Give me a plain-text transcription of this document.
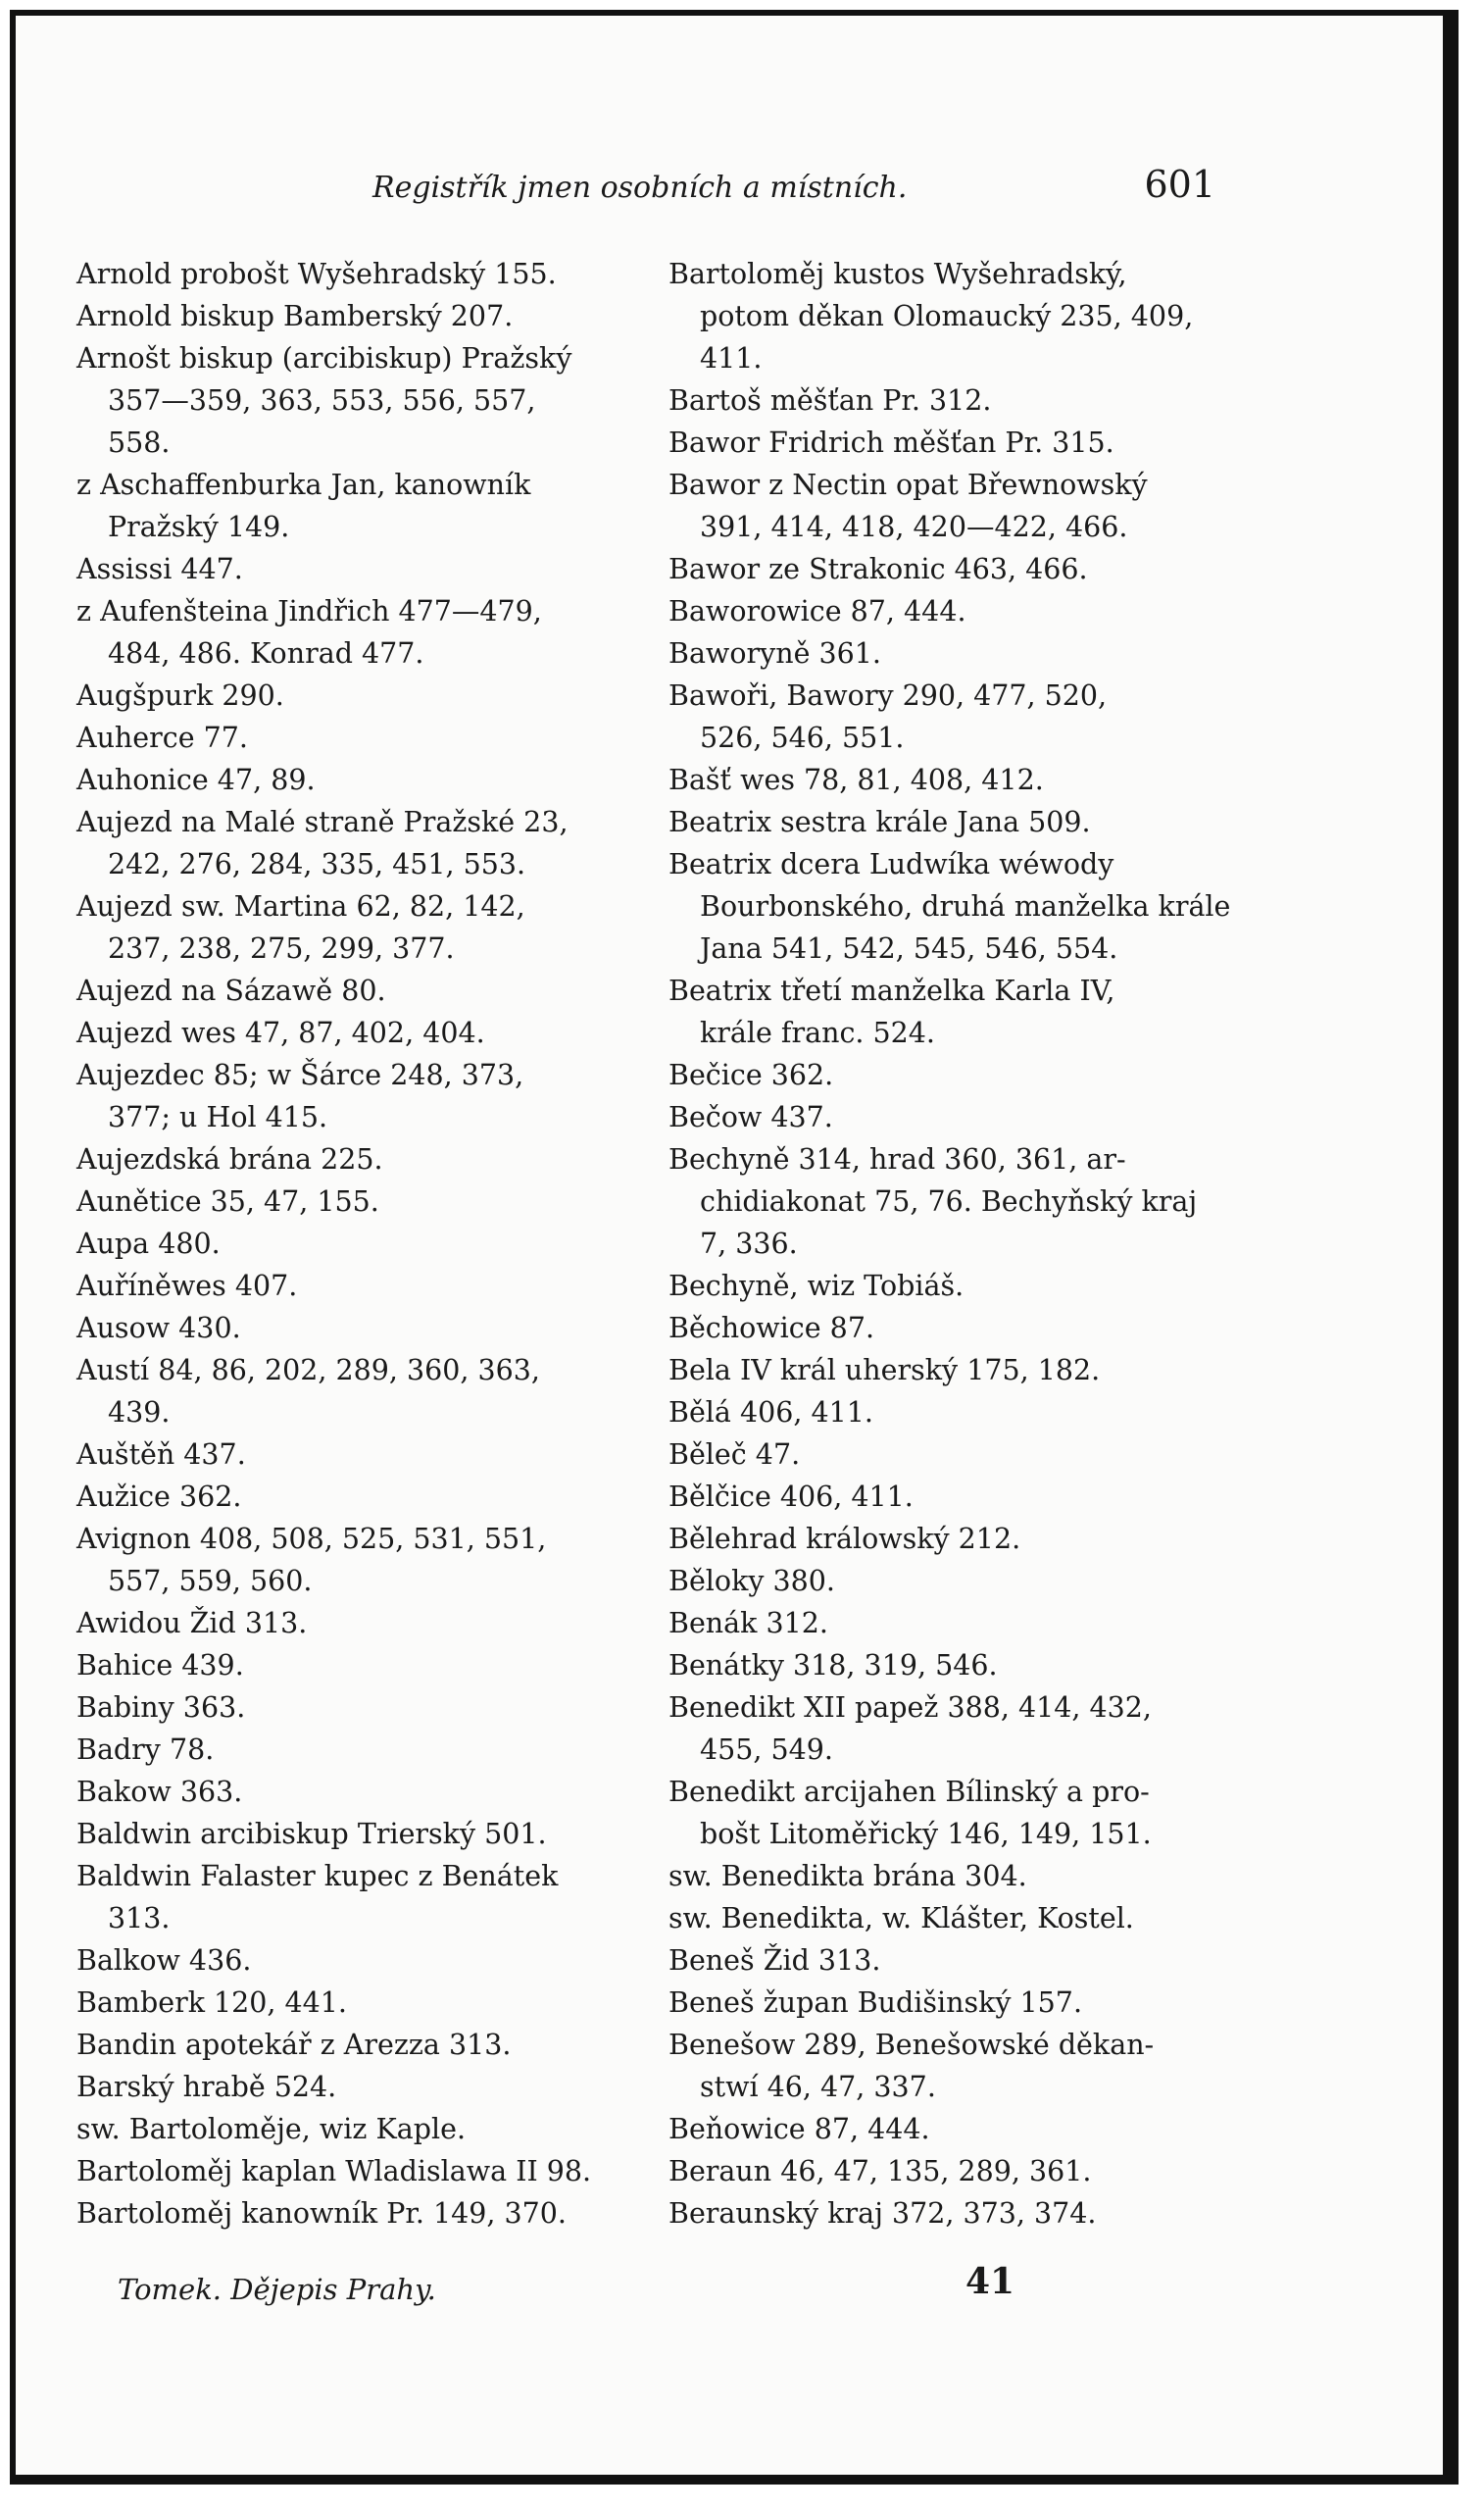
Registřík jmen osobních a místních.	601
Arnold probošt Wyšehradský 155.
Arnold biskup Bamberský 207.
Arnošt biskup (arcibiskup) Pražský
357—359, 363, 553, 556, 557,
558.
z Aschaffenburka Jan, kanowník
Pražský 149.
Assissi 447.
z Aufenšteina Jindřich 477—479,
484, 486. Konrad 477.
Augšpurk 290.
Auherce 77.
Auhonice 47, 89.
Aujezd na Malé straně Pražské 23,
242, 276, 284, 335, 451, 553.
Aujezd sw. Martina 62, 82, 142,
237, 238, 275, 299, 377.
Aujezd na Sázawě 80.
Aujezd wes 47, 87, 402, 404.
Aujezdec 85; w Šárce 248, 373,
377; u Hol 415.
Aujezdská brána 225.
Aunětice 35, 47, 155.
Aupa 480.
Auříněwes 407.
Ausow 430.
Austí 84, 86, 202, 289, 360, 363,
439.
Auštěň 437.
Aužice 362.
Avignon 408, 508, 525, 531, 551,
557, 559, 560.
Awidou Žid 313.
Bahice 439.
Babiny 363.
Badry 78.
Bakow 363.
Baldwin arcibiskup Trierský 501.
Baldwin Falaster kupec z Benátek
313.
Balkow 436.
Bamberk 120, 441.
Bandin apotekář z Arezza 313.
Barský hrabě 524.
sw. Bartoloměje, wiz Kaple.
Bartoloměj kaplan Wladislawa II 98.
Bartoloměj kanowník Pr. 149, 370.
Bartoloměj kustos Wyšehradský,
potom děkan Olomaucký 235, 409,
411.
Bartoš měšťan Pr. 312.
Bawor Fridrich měšťan Pr. 315.
Bawor z Nectin opat Břewnowský
391, 414, 418, 420—422, 466.
Bawor ze Strakonic 463, 466.
Baworowice 87, 444.
Baworyně 361.
Bawoři, Bawory 290, 477, 520,
526, 546, 551.
Bašť wes 78, 81, 408, 412.
Beatrix sestra krále Jana 509.
Beatrix dcera Ludwíka wéwody
Bourbonského, druhá manželka krále
Jana 541, 542, 545, 546, 554.
Beatrix třetí manželka Karla IV,
krále franc. 524.
Bečice 362.
Bečow 437.
Bechyně 314, hrad 360, 361, ar-
chidiakonat 75, 76. Bechyňský kraj
7, 336.
Bechyně, wiz Tobiáš.
Běchowice 87.
Bela IV král uherský 175, 182.
Bělá 406, 411.
Běleč 47.
Bělčice 406, 411.
Bělehrad králowský 212.
Běloky 380.
Benák 312.
Benátky 318, 319, 546.
Benedikt XII papež 388, 414, 432,
455, 549.
Benedikt arcijahen Bílinský a pro-
bošt Litoměřický 146, 149, 151.
sw. Benedikta brána 304.
sw. Benedikta, w. Klášter, Kostel.
Beneš Žid 313.
Beneš župan Budišinský 157.
Benešow 289, Benešowské děkan-
stwí 46, 47, 337.
Beňowice 87, 444.
Beraun 46, 47, 135, 289, 361.
Beraunský kraj 372, 373, 374.
Tomek. Dějepis Prahy.	41
